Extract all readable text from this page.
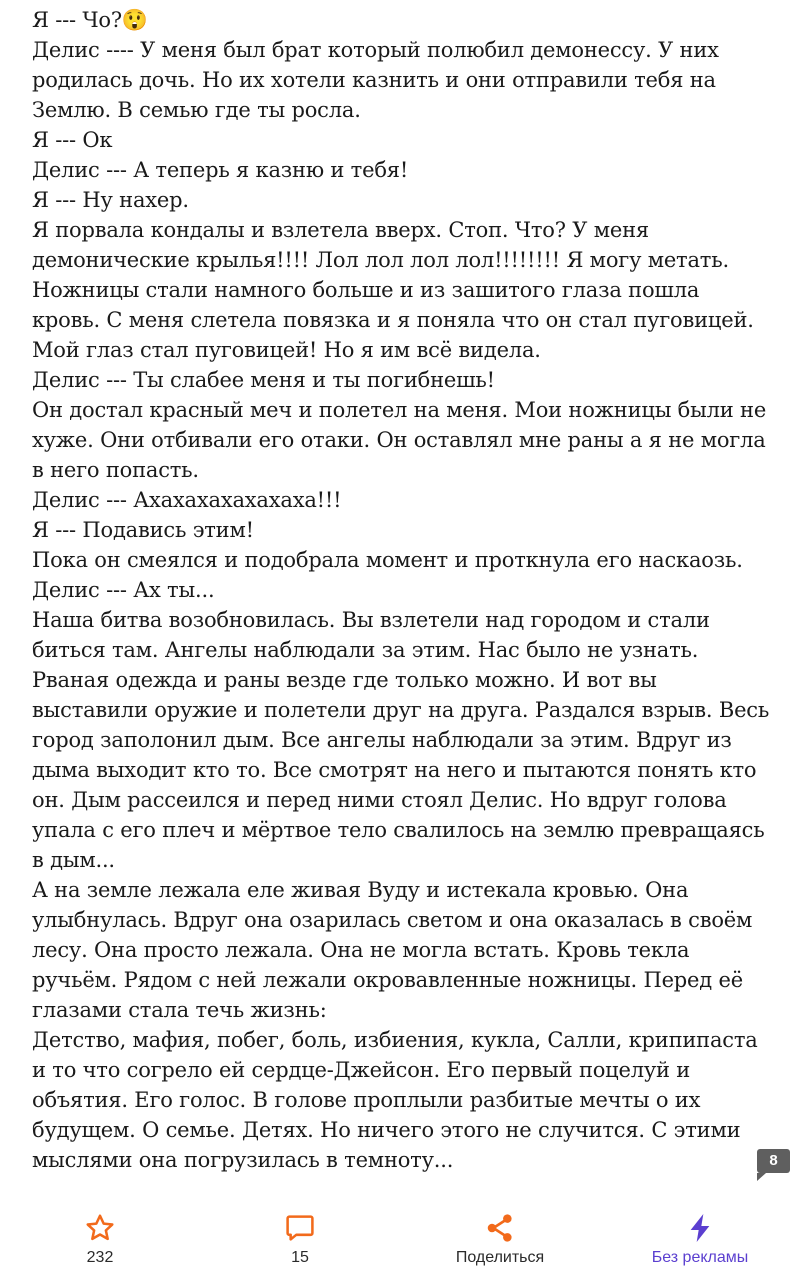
Я --- Чо?😲

Делис ---- У меня был брат который полюбил демонессу. У них родилась дочь. Но их хотели казнить и они отправили тебя на Землю. В семью где ты росла.

Я --- Ок

Делис --- А теперь я казню и тебя!

Я --- Ну нахер.

Я порвала кондалы и взлетела вверх. Стоп. Что? У меня демонические крылья!!!! Лол лол лол лол!!!!!!!! Я могу метать. Ножницы стали намного больше и из зашитого глаза пошла кровь. С меня слетела повязка и я поняла что он стал пуговицей. Мой глаз стал пуговицей! Но я им всё видела.

Делис --- Ты слабее меня и ты погибнешь!

Он достал красный меч и полетел на меня. Мои ножницы были не хуже. Они отбивали его отаки. Он оставлял мне раны а я не могла в него попасть.

Делис --- Ахахахахахахаха!!!

Я --- Подавись этим!

Пока он смеялся и подобрала момент и проткнула его наскаозь.

Делис --- Ах ты...

Наша битва возобновилась. Вы взлетели над городом и стали биться там. Ангелы наблюдали за этим. Нас было не узнать. Рваная одежда и раны везде где только можно. И вот вы выставили оружие и полетели друг на друга. Раздался взрыв. Весь город заполонил дым. Все ангелы наблюдали за этим. Вдруг из дыма выходит кто то. Все смотрят на него и пытаются понять кто он. Дым рассеился и перед ними стоял Делис. Но вдруг голова упала с его плеч и мёртвое тело свалилось на землю превращаясь в дым...

А на земле лежала еле живая Вуду и истекала кровью. Она улыбнулась. Вдруг она озарилась светом и она оказалась в своём лесу. Она просто лежала. Она не могла встать. Кровь текла ручьём. Рядом с ней лежали окровавленные ножницы. Перед её глазами стала течь жизнь:

Детство, мафия, побег, боль, избиения, кукла, Салли, крипипаста и то что согрело ей сердце-Джейсон. Его первый поцелуй и объятия. Его голос. В голове проплыли разбитые мечты о их будущем. О семье. Детях. Но ничего этого не случится. С этими мыслями она погрузилась в темноту...	8
232	15	Поделиться	Без рекламы
